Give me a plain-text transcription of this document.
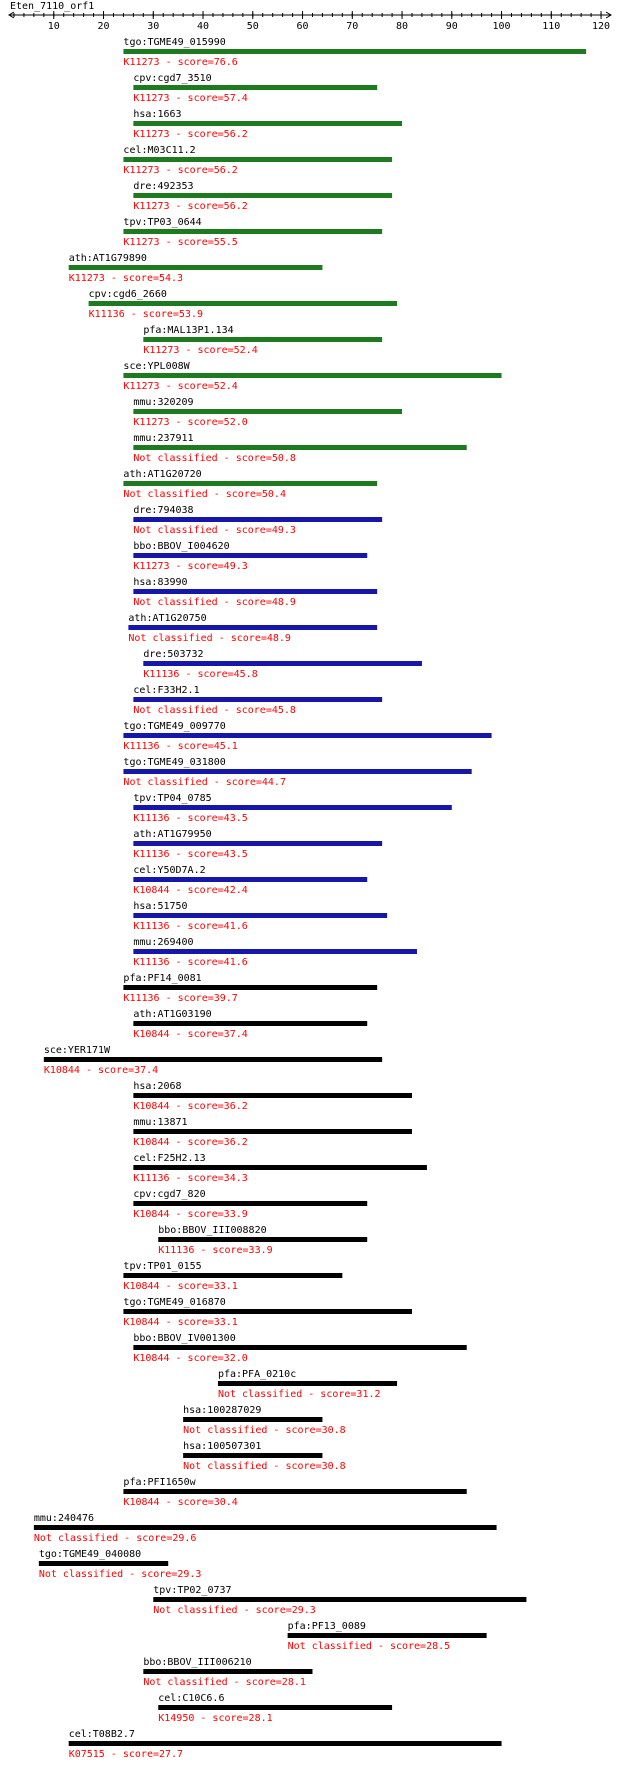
Eten_7110_orf1
10	20	30	40	50	60	70	80	90	100	110	120
tgo:TGME49_015990
K11273 - score=76.6
cpv:cgd7_3510
K11273 - score=57.4
hsa:1663
K11273 - score=56.2
cel:M03C11.2
K11273 - score=56.2
dre:492353
K11273 - score=56.2
tpv:TP03_0644
K11273 - score=55.5
ath:AT1G79890
K11273 - score=54.3
cpv:cgd6_2660
K11136 - score=53.9
pfa:MAL13P1.134
K11273 - score=52.4
sce:YPL008W
K11273 - score=52.4
mmu:320209
K11273 - score=52.0
mmu:237911
Not classified - score=50.8
ath:AT1G20720
Not classified - score=50.4
dre:794038
Not classified - score=49.3
bbo:BBOV_I004620
K11273 - score=49.3
hsa:83990
Not classified - score=48.9
ath:AT1G20750
Not classified - score=48.9
dre:503732
K11136 - score=45.8
cel:F33H2.1
Not classified - score=45.8
tgo:TGME49_009770
K11136 - score=45.1
tgo:TGME49_031800
Not classified - score=44.7
tpv:TP04_0785
K11136 - score=43.5
ath:AT1G79950
K11136 - score=43.5
cel:Y50D7A.2
K10844 - score=42.4
hsa:51750
K11136 - score=41.6
mmu:269400
K11136 - score=41.6
pfa:PF14_0081
K11136 - score=39.7
ath:AT1G03190
K10844 - score=37.4
sce:YER171W
K10844 - score=37.4
hsa:2068
K10844 - score=36.2
mmu:13871
K10844 - score=36.2
cel:F25H2.13
K11136 - score=34.3
cpv:cgd7_820
K10844 - score=33.9
bbo:BBOV_III008820
K11136 - score=33.9
tpv:TP01_0155
K10844 - score=33.1
tgo:TGME49_016870
K10844 - score=33.1
bbo:BBOV_IV001300
K10844 - score=32.0
pfa:PFA_0210c
Not classified - score=31.2
hsa:100287029
Not classified - score=30.8
hsa:100507301
Not classified - score=30.8
pfa:PFI1650w
K10844 - score=30.4
mmu:240476
Not classified - score=29.6
tgo:TGME49_040080
Not classified - score=29.3
tpv:TP02_0737
Not classified - score=29.3
pfa:PF13_0089
Not classified - score=28.5
bbo:BBOV_III006210
Not classified - score=28.1
cel:C10C6.6
K14950 - score=28.1
cel:T08B2.7
K07515 - score=27.7
